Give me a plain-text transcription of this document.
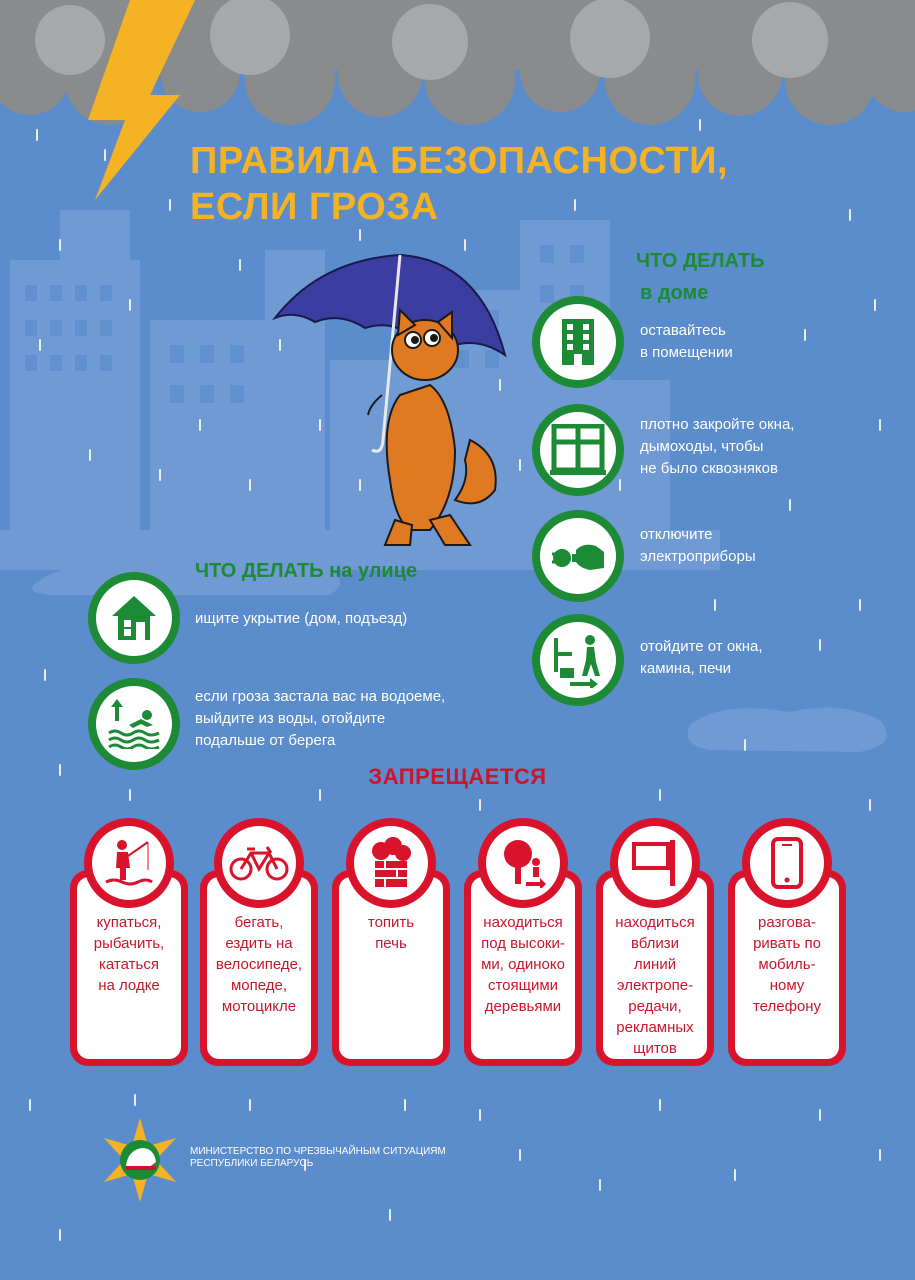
ПРАВИЛА БЕЗОПАСНОСТИ,
ЕСЛИ ГРОЗА
ЧТО ДЕЛАТЬ
в доме
оставайтесь
в помещении
плотно закройте окна,
дымоходы, чтобы
не было сквозняков
отключите
электроприборы
отойдите от окна,
камина, печи
ЧТО ДЕЛАТЬ на улице
ищите укрытие (дом, подъезд)
если гроза застала вас на водоеме,
выйдите из воды, отойдите
подальше от берега
ЗАПРЕЩАЕТСЯ
купаться,
рыбачить,
кататься
на лодке
бегать,
ездить на
велосипеде,
мопеде,
мотоцикле
топить
печь
находиться
под высоки-
ми, одиноко
стоящими
деревьями
находиться
вблизи
линий
электропе-
редачи,
рекламных
щитов
разгова-
ривать по
мобиль-
ному
телефону
МИНИСТЕРСТВО ПО ЧРЕЗВЫЧАЙНЫМ СИТУАЦИЯМ
РЕСПУБЛИКИ БЕЛАРУСЬ
